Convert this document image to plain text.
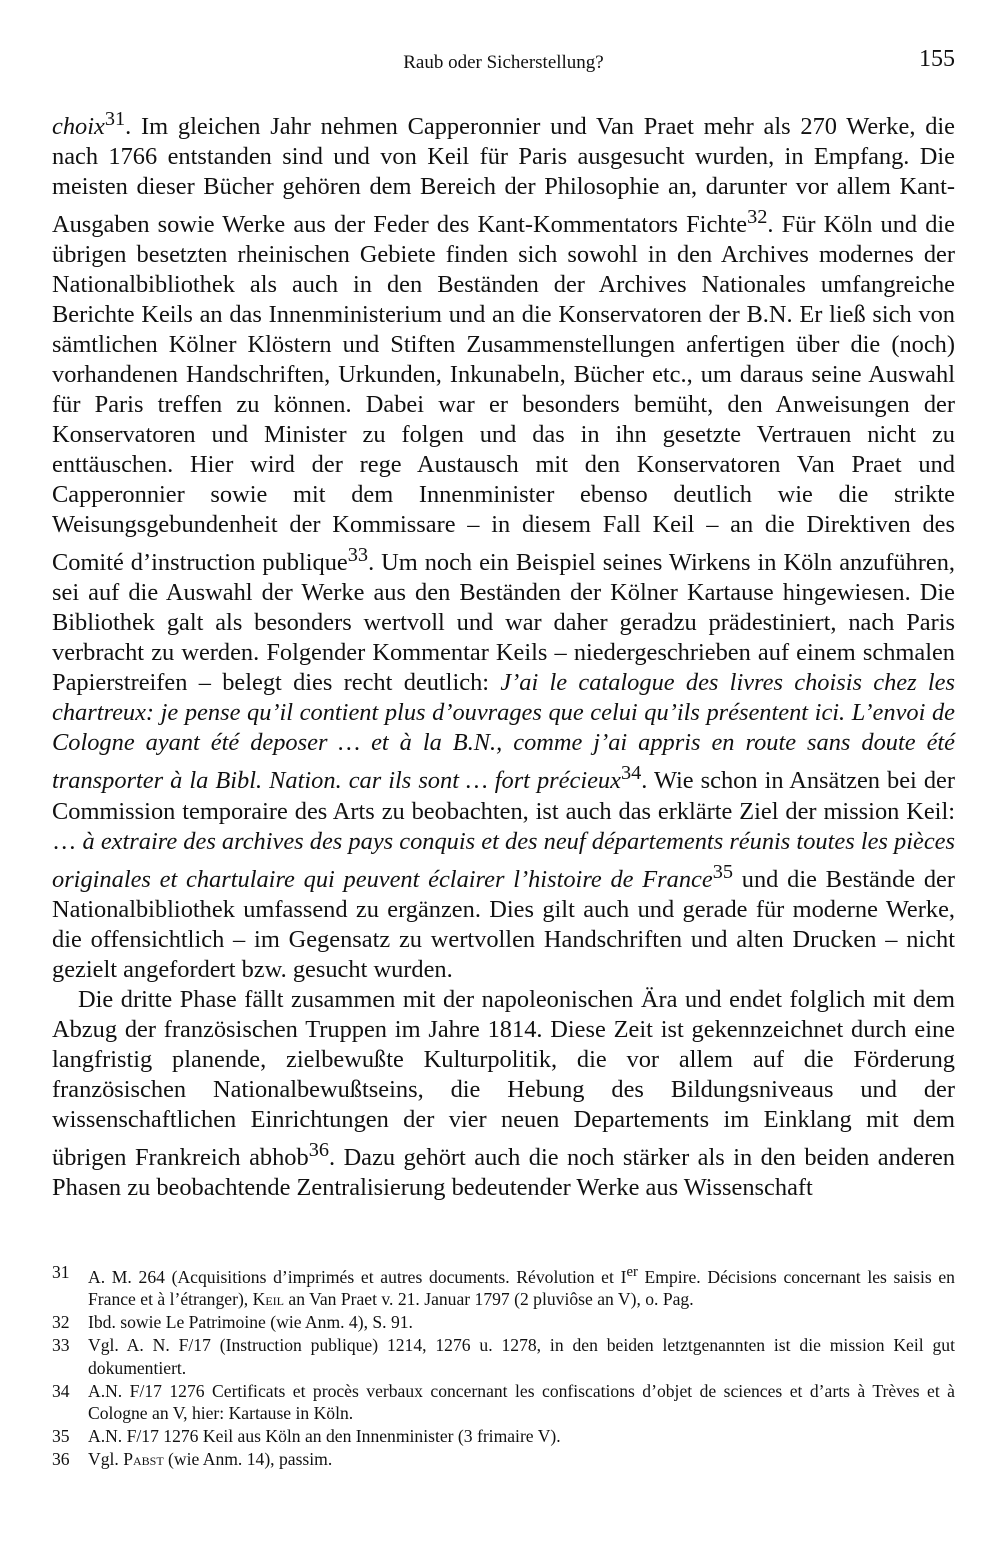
Raub oder Sicherstellung?	155

choix$^{31}$. Im gleichen Jahr nehmen Capperonnier und Van Praet mehr als 270 Werke, die nach 1766 entstanden sind und von Keil für Paris ausgesucht wurden, in Empfang. Die meisten dieser Bücher gehören dem Bereich der Philosophie an, darunter vor allem Kant-Ausgaben sowie Werke aus der Feder des Kant-Kommentators Fichte$^{32}$. Für Köln und die übrigen besetzten rheinischen Gebiete finden sich sowohl in den Archives modernes der Nationalbibliothek als auch in den Beständen der Archives Nationales umfangreiche Berichte Keils an das Innenministerium und an die Konservatoren der B.N. Er ließ sich von sämtlichen Kölner Klöstern und Stiften Zusammenstellungen anfertigen über die (noch) vorhandenen Handschriften, Urkunden, Inkunabeln, Bücher etc., um daraus seine Auswahl für Paris treffen zu können. Dabei war er besonders bemüht, den Anweisungen der Konservatoren und Minister zu folgen und das in ihn gesetzte Vertrauen nicht zu enttäuschen. Hier wird der rege Austausch mit den Konservatoren Van Praet und Capperonnier sowie mit dem Innenminister ebenso deutlich wie die strikte Weisungsgebundenheit der Kommissare – in diesem Fall Keil – an die Direktiven des Comité d’instruction publique$^{33}$. Um noch ein Beispiel seines Wirkens in Köln anzuführen, sei auf die Auswahl der Werke aus den Beständen der Kölner Kartause hingewiesen. Die Bibliothek galt als besonders wertvoll und war daher geradzu prädestiniert, nach Paris verbracht zu werden. Folgender Kommentar Keils – niedergeschrieben auf einem schmalen Papierstreifen – belegt dies recht deutlich: J’ai le catalogue des livres choisis chez les chartreux: je pense qu’il contient plus d’ouvrages que celui qu’ils présentent ici. L’envoi de Cologne ayant été deposer … et à la B.N., comme j’ai appris en route sans doute été transporter à la Bibl. Nation. car ils sont … fort précieux$^{34}$. Wie schon in Ansätzen bei der Commission temporaire des Arts zu beobachten, ist auch das erklärte Ziel der mission Keil: … à extraire des archives des pays conquis et des neuf départements réunis toutes les pièces originales et chartulaire qui peuvent éclairer l’histoire de France$^{35}$ und die Bestände der Nationalbibliothek umfassend zu ergänzen. Dies gilt auch und gerade für moderne Werke, die offensichtlich – im Gegensatz zu wertvollen Handschriften und alten Drucken – nicht gezielt angefordert bzw. gesucht wurden.

Die dritte Phase fällt zusammen mit der napoleonischen Ära und endet folglich mit dem Abzug der französischen Truppen im Jahre 1814. Diese Zeit ist gekennzeichnet durch eine langfristig planende, zielbewußte Kulturpolitik, die vor allem auf die Förderung französischen Nationalbewußtseins, die Hebung des Bildungsniveaus und der wissenschaftlichen Einrichtungen der vier neuen Departements im Einklang mit dem übrigen Frankreich abhob$^{36}$. Dazu gehört auch die noch stärker als in den beiden anderen Phasen zu beobachtende Zentralisierung bedeutender Werke aus Wissenschaft

31	A. M. 264 (Acquisitions d’imprimés et autres documents. Révolution et Ier Empire. Décisions concernant les saisis en France et à l’étranger), Keil an Van Praet v. 21. Januar 1797 (2 pluviôse an V), o. Pag.
32	Ibd. sowie Le Patrimoine (wie Anm. 4), S. 91.
33	Vgl. A. N. F/17 (Instruction publique) 1214, 1276 u. 1278, in den beiden letztgenannten ist die mission Keil gut dokumentiert.
34	A.N. F/17 1276 Certificats et procès verbaux concernant les confiscations d’objet de sciences et d’arts à Trèves et à Cologne an V, hier: Kartause in Köln.
35	A.N. F/17 1276 Keil aus Köln an den Innenminister (3 frimaire V).
36	Vgl. Pabst (wie Anm. 14), passim.
